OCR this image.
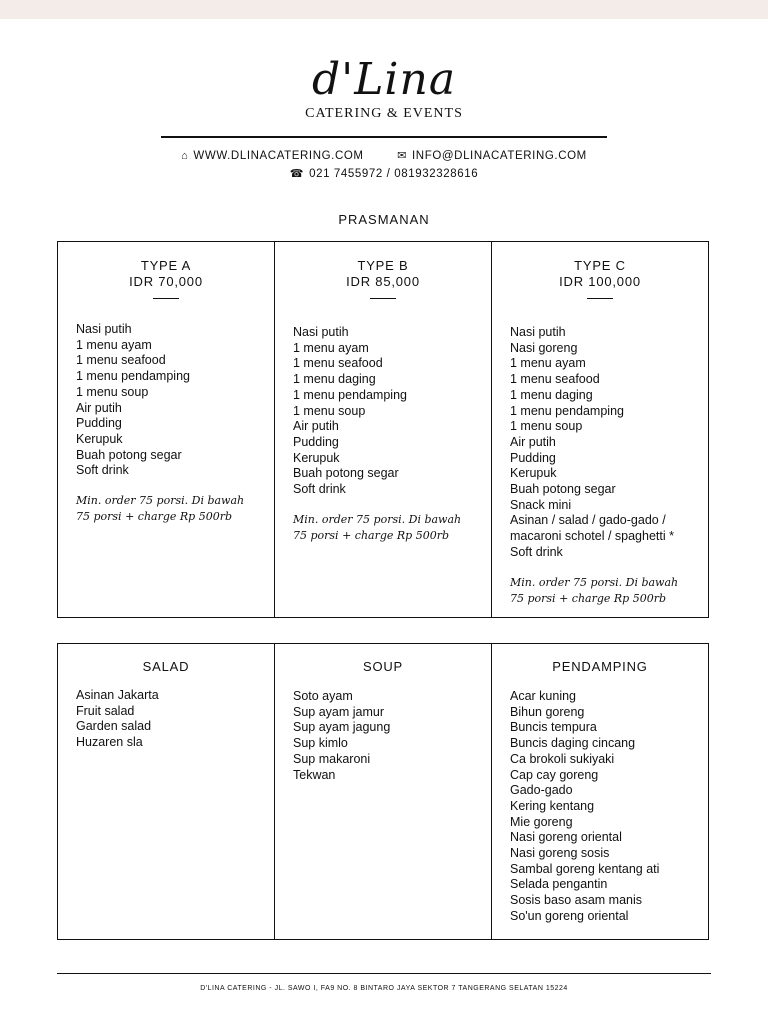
d'Lina
CATERING & EVENTS
⌂ WWW.DLINACATERING.COM	✉ INFO@DLINACATERING.COM
☎ 021 7455972 / 081932328616
PRASMANAN
TYPE A
IDR 70,000
Nasi putih
1 menu ayam
1 menu seafood
1 menu pendamping
1 menu soup
Air putih
Pudding
Kerupuk
Buah potong segar
Soft drink
Min. order 75 porsi. Di bawah
75 porsi + charge Rp 500rb
TYPE B
IDR 85,000
Nasi putih
1 menu ayam
1 menu seafood
1 menu daging
1 menu pendamping
1 menu soup
Air putih
Pudding
Kerupuk
Buah potong segar
Soft drink
Min. order 75 porsi. Di bawah
75 porsi + charge Rp 500rb
TYPE C
IDR 100,000
Nasi putih
Nasi goreng
1 menu ayam
1 menu seafood
1 menu daging
1 menu pendamping
1 menu soup
Air putih
Pudding
Kerupuk
Buah potong segar
Snack mini
Asinan / salad / gado-gado /
macaroni schotel / spaghetti *
Soft drink
Min. order 75 porsi. Di bawah
75 porsi + charge Rp 500rb
SALAD
Asinan Jakarta
Fruit salad
Garden salad
Huzaren sla
SOUP
Soto ayam
Sup ayam jamur
Sup ayam jagung
Sup kimlo
Sup makaroni
Tekwan
PENDAMPING
Acar kuning
Bihun goreng
Buncis tempura
Buncis daging cincang
Ca brokoli sukiyaki
Cap cay goreng
Gado-gado
Kering kentang
Mie goreng
Nasi goreng oriental
Nasi goreng sosis
Sambal goreng kentang ati
Selada pengantin
Sosis baso asam manis
So'un goreng oriental
D'LINA CATERING - JL. SAWO I, FA9 NO. 8 BINTARO JAYA SEKTOR 7 TANGERANG SELATAN 15224
